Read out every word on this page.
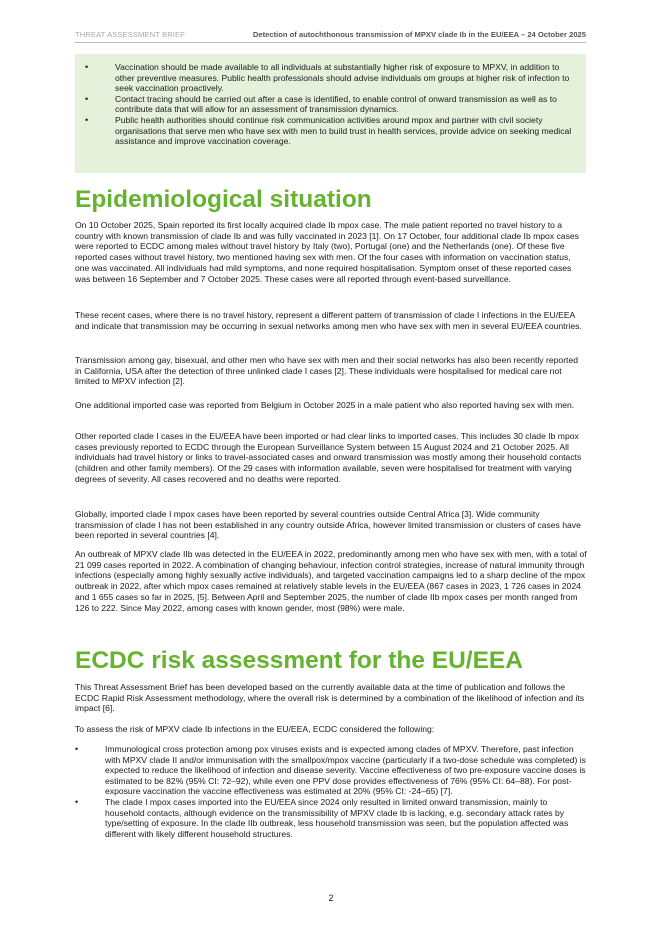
THREAT ASSESSMENT BRIEF	Detection of autochthonous transmission of MPXV clade Ib in the EU/EEA – 24 October 2025
• Vaccination should be made available to all individuals at substantially higher risk of exposure to MPXV, in addition to other preventive measures. Public health professionals should advise individuals om groups at higher risk of infection to seek vaccination proactively.
• Contact tracing should be carried out after a case is identified, to enable control of onward transmission as well as to contribute data that will allow for an assessment of transmission dynamics.
• Public health authorities should continue risk communication activities around mpox and partner with civil society organisations that serve men who have sex with men to build trust in health services, provide advice on seeking medical assistance and improve vaccination coverage.
Epidemiological situation

On 10 October 2025, Spain reported its first locally acquired clade Ib mpox case. The male patient reported no travel history to a country with known transmission of clade Ib and was fully vaccinated in 2023 [1]. On 17 October, four additional clade Ib mpox cases were reported to ECDC among males without travel history by Italy (two), Portugal (one) and the Netherlands (one). Of these five reported cases without travel history, two mentioned having sex with men. Of the four cases with information on vaccination status, one was vaccinated. All individuals had mild symptoms, and none required hospitalisation. Symptom onset of these reported cases was between 16 September and 7 October 2025. These cases were all reported through event-based surveillance.

These recent cases, where there is no travel history, represent a different pattern of transmission of clade I infections in the EU/EEA and indicate that transmission may be occurring in sexual networks among men who have sex with men in several EU/EEA countries.

Transmission among gay, bisexual, and other men who have sex with men and their social networks has also been recently reported in California, USA after the detection of three unlinked clade I cases [2]. These individuals were hospitalised for medical care not limited to MPXV infection [2].

One additional imported case was reported from Belgium in October 2025 in a male patient who also reported having sex with men.

Other reported clade I cases in the EU/EEA have been imported or had clear links to imported cases. This includes 30 clade Ib mpox cases previously reported to ECDC through the European Surveillance System between 15 August 2024 and 21 October 2025. All individuals had travel history or links to travel-associated cases and onward transmission was mostly among their household contacts (children and other family members). Of the 29 cases with information available, seven were hospitalised for treatment with varying degrees of severity. All cases recovered and no deaths were reported.

Globally, imported clade I mpox cases have been reported by several countries outside Central Africa [3]. Wide community transmission of clade I has not been established in any country outside Africa, however limited transmission or clusters of cases have been reported in several countries [4].

An outbreak of MPXV clade IIb was detected in the EU/EEA in 2022, predominantly among men who have sex with men, with a total of 21 099 cases reported in 2022. A combination of changing behaviour, infection control strategies, increase of natural immunity through infections (especially among highly sexually active individuals), and targeted vaccination campaigns led to a sharp decline of the mpox outbreak in 2022, after which mpox cases remained at relatively stable levels in the EU/EEA (867 cases in 2023, 1 726 cases in 2024 and 1 655 cases so far in 2025, [5]. Between April and September 2025, the number of clade IIb mpox cases per month ranged from 126 to 222. Since May 2022, among cases with known gender, most (98%) were male.

ECDC risk assessment for the EU/EEA

This Threat Assessment Brief has been developed based on the currently available data at the time of publication and follows the ECDC Rapid Risk Assessment methodology, where the overall risk is determined by a combination of the likelihood of infection and its impact [6].

To assess the risk of MPXV clade Ib infections in the EU/EEA, ECDC considered the following:

• Immunological cross protection among pox viruses exists and is expected among clades of MPXV. Therefore, past infection with MPXV clade II and/or immunisation with the smallpox/mpox vaccine (particularly if a two-dose schedule was completed) is expected to reduce the likelihood of infection and disease severity. Vaccine effectiveness of two pre-exposure vaccine doses is estimated to be 82% (95% CI: 72–92), while even one PPV dose provides effectiveness of 76% (95% CI: 64–88). For post-exposure vaccination the vaccine effectiveness was estimated at 20% (95% CI: -24–65) [7].
• The clade I mpox cases imported into the EU/EEA since 2024 only resulted in limited onward transmission, mainly to household contacts, although evidence on the transmissibility of MPXV clade Ib is lacking, e.g. secondary attack rates by type/setting of exposure. In the clade IIb outbreak, less household transmission was seen, but the population affected was different with likely different household structures.
2
